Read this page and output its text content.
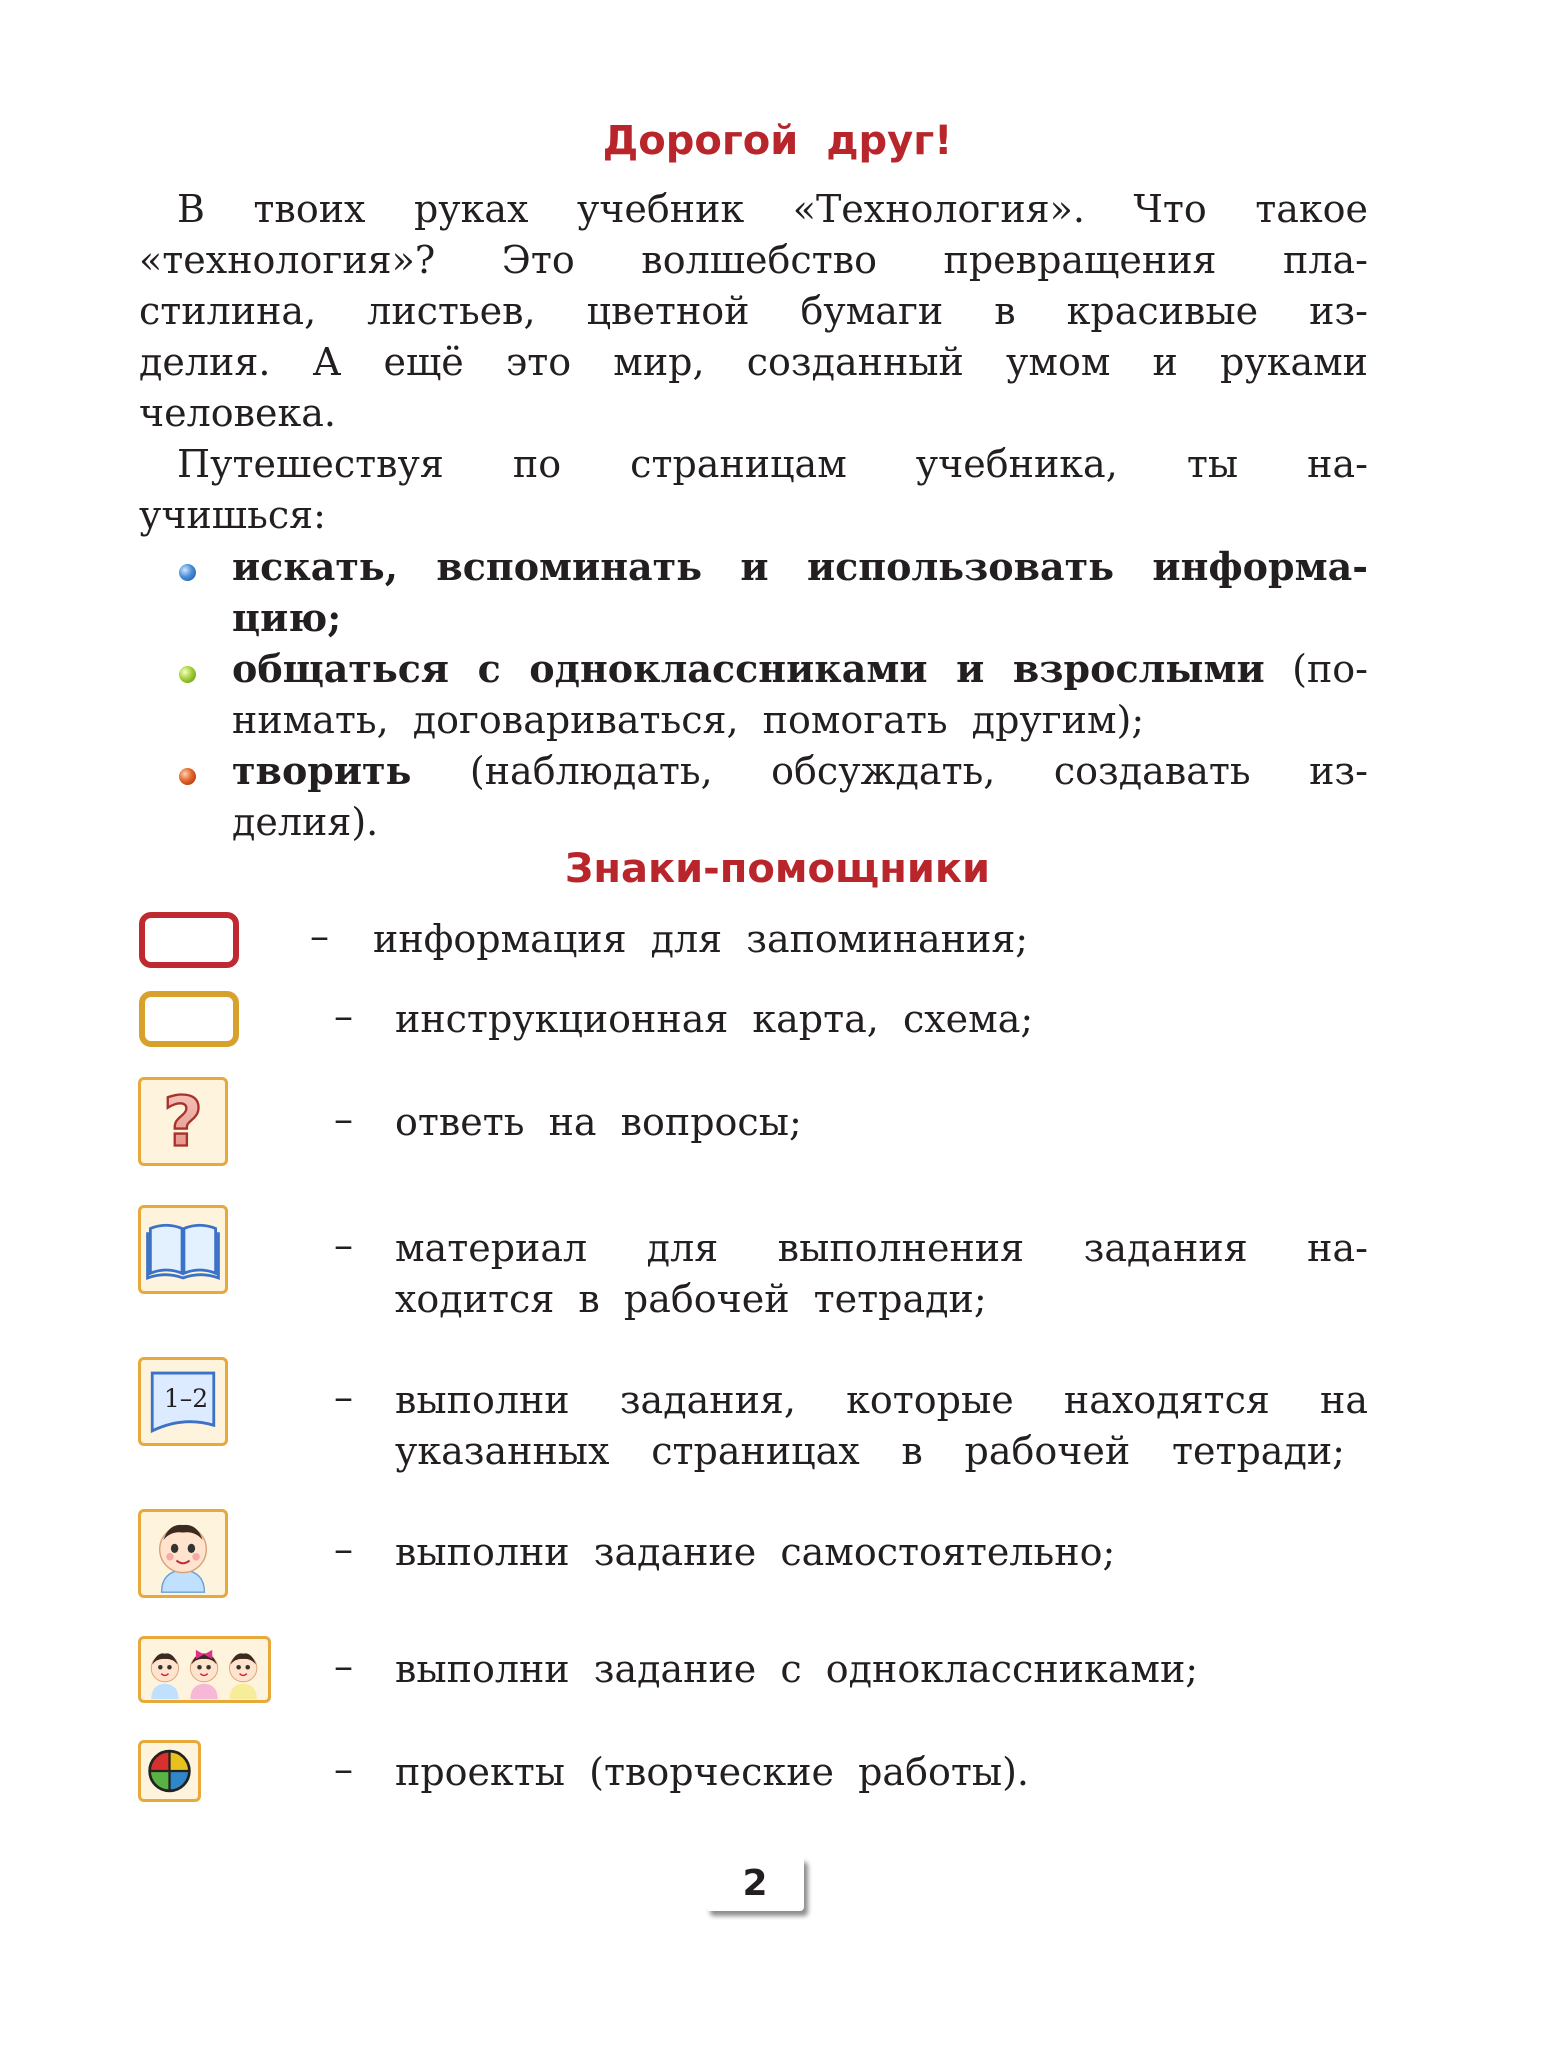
Дорогой друг!
В твоих руках учебник «Технология». Что такое
«технология»? Это волшебство превращения пла-
стилина, листьев, цветной бумаги в красивые из-
делия. А ещё это мир, созданный умом и руками
человека.
Путешествуя по страницам учебника, ты на-
учишься:
искать, вспоминать и использовать информа-
цию;
общаться с одноклассниками и взрослыми (по-
нимать, договариваться, помогать другим);
творить (наблюдать, обсуждать, создавать из-
делия).
Знаки-помощники
?
1–2
–
–
–
–
–
–
–
–
информация для запоминания;
инструкционная карта, схема;
ответь на вопросы;
материал для выполнения задания на-
ходится в рабочей тетради;
выполни задания, которые находятся на
указанных страницах в рабочей тетради;
выполни задание самостоятельно;
выполни задание с одноклассниками;
проекты (творческие работы).
2
